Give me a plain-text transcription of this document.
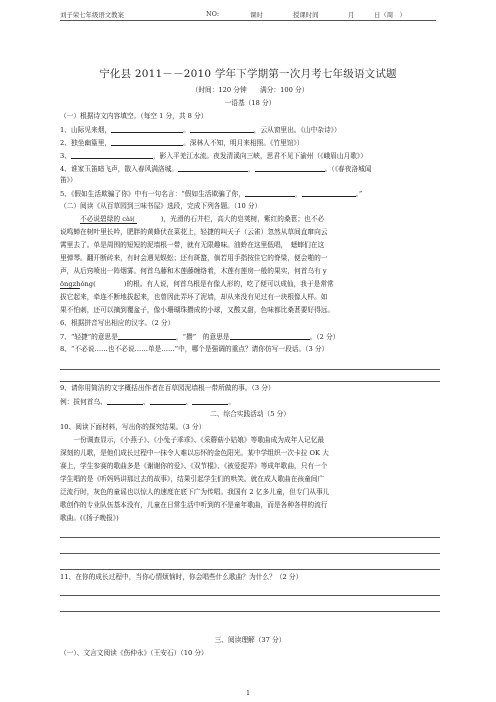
刘子荣七年级语文教案	NO:	课时	授课时间	月	日（周　）
宁化县 2011－－2010 学年下学期第一次月考七年级语文试题
（时间：120 分钟　　满分：100 分）
一语基（18 分）
（一）根据诗文内容填空。（每空 1 分，共 8 分）
1、山际见来烟，	。	，云从窗里出。《山中杂诗》）
2、独坐幽篁里，	。深林人不知，明月来相照。《竹里馆》）
3、	，影入平羌江水流。夜发清溪向三峡，思君不见下渝州（《峨眉山月歌》）
4、谁家玉笛暗飞声，散入春风满洛城。	，	。（《春夜洛城闻
笛》）
5、《假如生活欺骗了你》中有一句名言：“假如生活欺骗了你，	，	。”
（二）阅读《从百草园到三味书屋》选段，完成下列各题。（10 分）
不必说碧绿的 cài(	)，光滑的石井栏，高大的皂荚树，紫红的桑葚；也不必
说鸣蝉在树叶里长吟，肥胖的黄蜂伏在菜花上，轻捷的叫天子（云雀）忽然从草间直窜向云
霄里去了。单是周围的短短的泥墙根一带，就有无限趣味。油蛉在这里低唱，　蟋蟀们在这
里弹琴。翻开断砖来，有时会遇见蜈蚣；还有斑蝥，倘若用手指按住它的脊梁，便会啪的一
声，从后窍喷出一阵烟雾。何首乌藤和木莲藤缠络着，木莲有莲房一般的果实，何首乌有 y
ōngzhǒng(	)的根。有人说，何首乌根是有像人形的，吃了便可以成仙，我于是常常
拔它起来，牵连不断地拔起来，也曾因此弄坏了泥墙，却从来没有见过有一块根像人样。如
果不怕刺，还可以摘到覆盆子，像小珊瑚珠攒成的小球，又酸又甜，色味都比桑葚要好得远。
6、根据拼音写出相应的汉字。（2 分）
7、“轻捷”的意思是	，“攒”　的意思是	。（2 分）
8、“不必说……也不必说……单是……”中，哪个是强调的重点？请你仿写一段话。（3 分）
9、请你用简洁的文字概括出作者在百草园泥墙根一带所做的事。（3 分）
例：拔何首乌、	、	、	。
二、综合实践活动（5 分）
10、阅读下面材料，写出你的探究结果。（3 分）
　　一份调查显示，《小燕子》、《小兔子乖乖》、《采蘑菇小姑娘》等歌曲成为成年人记忆最
深刻的儿歌，是他们成长过程中一抹令人难以忘怀的金色阳光。某中学组织一次卡拉 OK 大
赛上，学生参赛的歌曲多是《谢谢你的爱》、《双节棍》、《被爱捉弄》等成年歌曲，只有一个
学生唱的是《听妈妈讲那过去的故事》，结果引起学生们的哄笑。就在成人歌曲在孩童间广
泛流行时，灰色的童谣也以惊人的速度在底下广为传唱。我国有 2 亿多儿童，但专门从事儿
歌创作的专业队伍基本没有，儿童在日常生活中听到的不是童年歌曲，而是各种各样的流行
歌曲。(《扬子晚报》)
11、在你的成长过程中，当你心情烦恼时，你会唱些什么歌曲？为什么？（2 分）
三、阅读理解（37 分）
（一）、文言文阅读《伤仲永》（王安石）（10 分）
1
